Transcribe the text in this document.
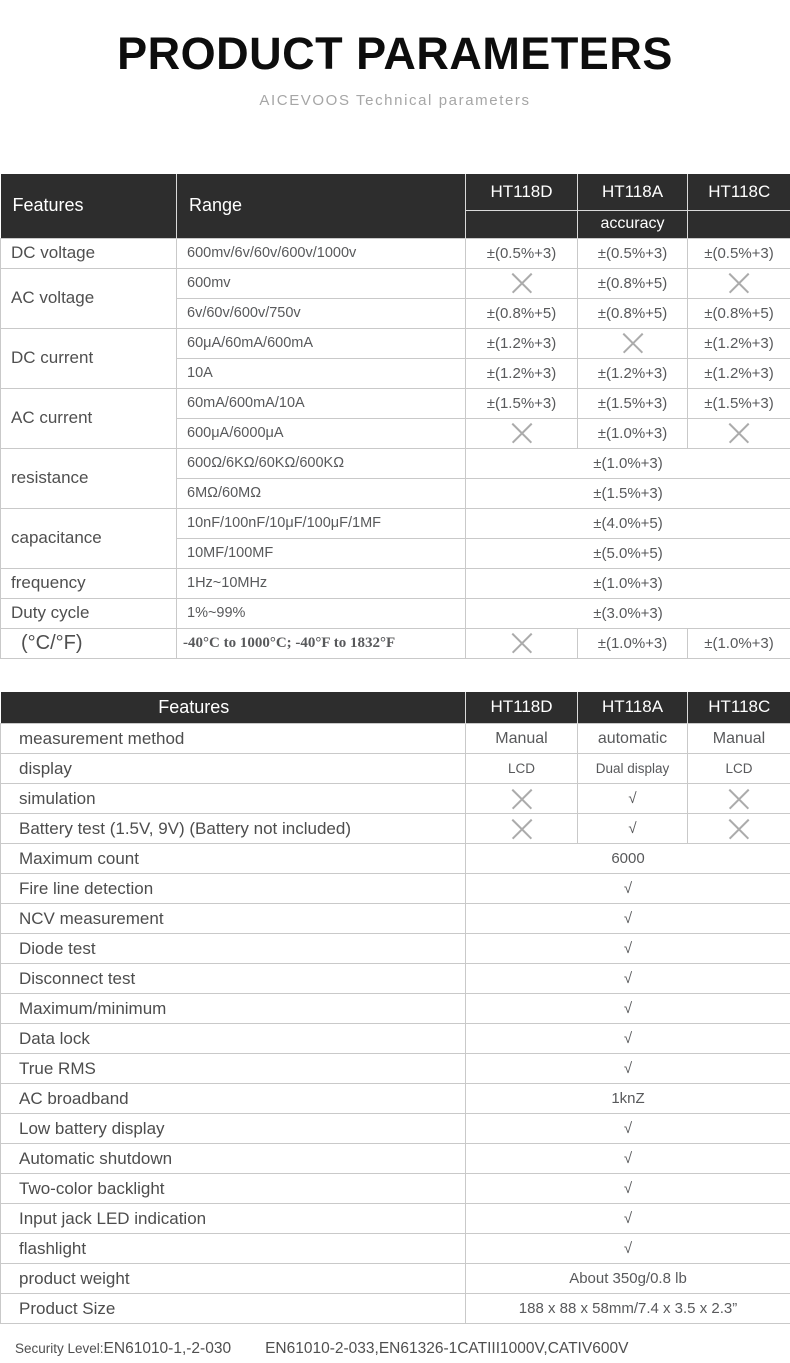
PRODUCT PARAMETERS
AICEVOOS Technical parameters
Features	Range	HT118D	HT118A	HT118C
			accuracy	
DC voltage	600mv/6v/60v/600v/1000v	±(0.5%+3)	±(0.5%+3)	±(0.5%+3)
AC voltage	600mv		±(0.8%+5)	
	6v/60v/600v/750v	±(0.8%+5)	±(0.8%+5)	±(0.8%+5)
DC current	60μA/60mA/600mA	±(1.2%+3)		±(1.2%+3)
	10A	±(1.2%+3)	±(1.2%+3)	±(1.2%+3)
AC current	60mA/600mA/10A	±(1.5%+3)	±(1.5%+3)	±(1.5%+3)
	600μA/6000μA		±(1.0%+3)	
resistance	600Ω/6KΩ/60KΩ/600KΩ	±(1.0%+3)		
	6MΩ/60MΩ	±(1.5%+3)		
capacitance	10nF/100nF/10μF/100μF/1MF	±(4.0%+5)		
	10MF/100MF	±(5.0%+5)		
frequency	1Hz~10MHz	±(1.0%+3)		
Duty cycle	1%~99%	±(3.0%+3)		
(°C/°F)	-40°C to 1000°C; -40°F to 1832°F		±(1.0%+3)	±(1.0%+3)
Features	HT118D	HT118A	HT118C
measurement method	Manual	automatic	Manual
display	LCD	Dual display	LCD
simulation		√	
Battery test (1.5V, 9V) (Battery not included)		√	
Maximum count	6000		
Fire line detection	√		
NCV measurement	√		
Diode test	√		
Disconnect test	√		
Maximum/minimum	√		
Data lock	√		
True RMS	√		
AC broadband	1knZ		
Low battery display	√		
Automatic shutdown	√		
Two-color backlight	√		
Input jack LED indication	√		
flashlight	√		
product weight	About 350g/0.8 lb		
Product Size	188 x 88 x 58mm/7.4 x 3.5 x 2.3”		
Security Level:EN61010-1,-2-030 EN61010-2-033,EN61326-1CATIII1000V,CATIV600V
